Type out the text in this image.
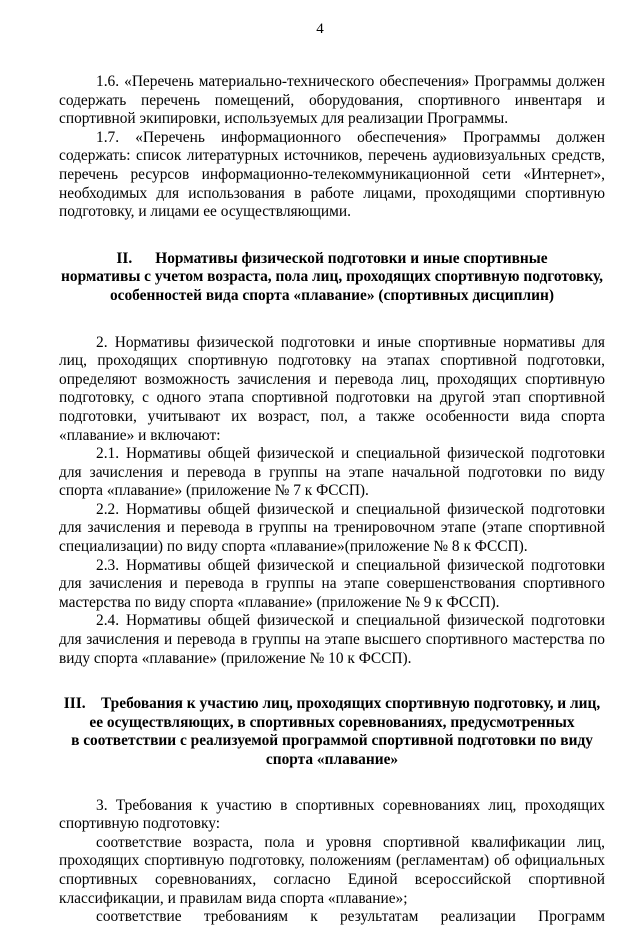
4

1.6. «Перечень материально-технического обеспечения» Программы должен содержать перечень помещений, оборудования, спортивного инвентаря и спортивной экипировки, используемых для реализации Программы.

1.7. «Перечень информационного обеспечения» Программы должен содержать: список литературных источников, перечень аудиовизуальных средств, перечень ресурсов информационно-телекоммуникационной сети «Интернет», необходимых для использования в работе лицами, проходящими спортивную подготовку, и лицами ее осуществляющими.

II. Нормативы физической подготовки и иные спортивные
нормативы с учетом возраста, пола лиц, проходящих спортивную подготовку,
особенностей вида спорта «плавание» (спортивных дисциплин)

2. Нормативы физической подготовки и иные спортивные нормативы для лиц, проходящих спортивную подготовку на этапах спортивной подготовки, определяют возможность зачисления и перевода лиц, проходящих спортивную подготовку, с одного этапа спортивной подготовки на другой этап спортивной подготовки, учитывают их возраст, пол, а также особенности вида спорта «плавание» и включают:

2.1. Нормативы общей физической и специальной физической подготовки для зачисления и перевода в группы на этапе начальной подготовки по виду спорта «плавание» (приложение № 7 к ФССП).

2.2. Нормативы общей физической и специальной физической подготовки для зачисления и перевода в группы на тренировочном этапе (этапе спортивной специализации) по виду спорта «плавание»(приложение № 8 к ФССП).

2.3. Нормативы общей физической и специальной физической подготовки для зачисления и перевода в группы на этапе совершенствования спортивного мастерства по виду спорта «плавание» (приложение № 9 к ФССП).

2.4. Нормативы общей физической и специальной физической подготовки для зачисления и перевода в группы на этапе высшего спортивного мастерства по виду спорта «плавание» (приложение № 10 к ФССП).

III. Требования к участию лиц, проходящих спортивную подготовку, и лиц,
ее осуществляющих, в спортивных соревнованиях, предусмотренных
в соответствии с реализуемой программой спортивной подготовки по виду
спорта «плавание»

3. Требования к участию в спортивных соревнованиях лиц, проходящих спортивную подготовку:

соответствие возраста, пола и уровня спортивной квалификации лиц, проходящих спортивную подготовку, положениям (регламентам) об официальных спортивных соревнованиях, согласно Единой всероссийской спортивной классификации, и правилам вида спорта «плавание»;

соответствие требованиям к результатам реализации Программ
